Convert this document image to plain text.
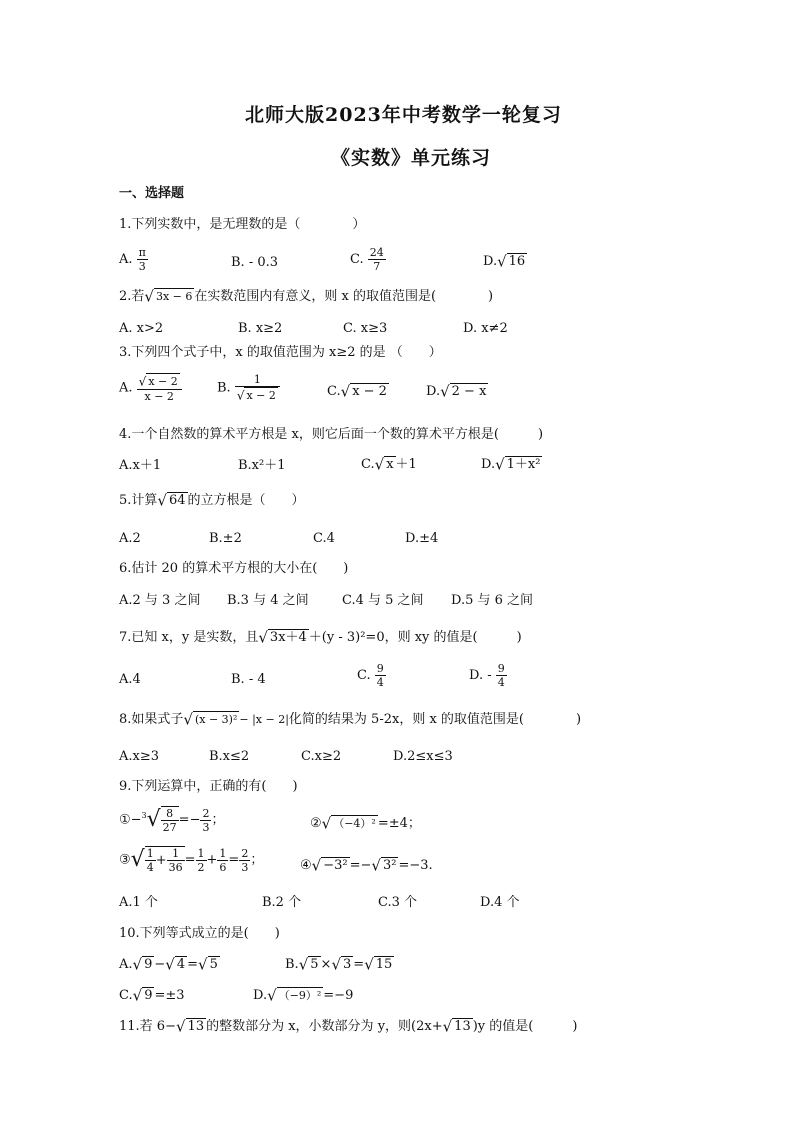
北师大版2023年中考数学一轮复习
《实数》单元练习
一、选择题
1.下列实数中，是无理数的是（　　　　）
A. $\frac{\pi}{3}$	B. - 0.3	C. $\frac{24}{7}$	D.√ 16
2.若√ 3x − 6 在实数范围内有意义，则 x 的取值范围是(　　　　)
A. x>2	B. x≥2	C. x≥3	D. x≠2
3.下列四个式子中，x 的取值范围为 x≥2 的是 （　　）
A. $\frac{√ x - 2}{x - 2}$	B. $\frac{1}{√ x - 2}$	C.√ x − 2	D.√ 2 − x
4.一个自然数的算术平方根是 x，则它后面一个数的算术平方根是(　　　)
A.x＋1	B.x²＋1	C.√ x ＋1	D.√ 1＋x²
5.计算√ 64 的立方根是（　　）
A.2	B.±2	C.4	D.±4
6.估计 20 的算术平方根的大小在(　　)
A.2 与 3 之间 B.3 与 4 之间	C.4 与 5 之间 D.5 与 6 之间
7.已知 x，y 是实数，且√ 3x＋4 ＋(y - 3)²=0，则 xy 的值是(　　　)
A.4	B. - 4	C. $\frac{9}{4}$	D. - $\frac{9}{4}$
8.如果式子√ (x − 3)² − |x − 2|化简的结果为 5-2x，则 x 的取值范围是(　　　　)
A.x≥3	B.x≤2	C.x≥2	D.2≤x≤3
9.下列运算中，正确的有(　　)
①−$^3$√ $\frac{8}{27} =- \frac{2}{3}$ ；	②√ （−4）² =±4；
③√ $\frac{1}{4} + \frac{1}{36} = \frac{1}{2} + \frac{1}{6} = \frac{2}{3}$ ；	④√ −3² =−√ 3² =−3.
A.1 个	B.2 个	C.3 个	D.4 个
10.下列等式成立的是(　　)
A.√ 9 −√ 4 =√ 5	B.√ 5 ×√ 3 =√ 15
C.√ 9 =±3	D.√ （−9）² =−9
11.若 6−√ 13 的整数部分为 x，小数部分为 y，则(2x+√ 13 )y 的值是(　　　)
